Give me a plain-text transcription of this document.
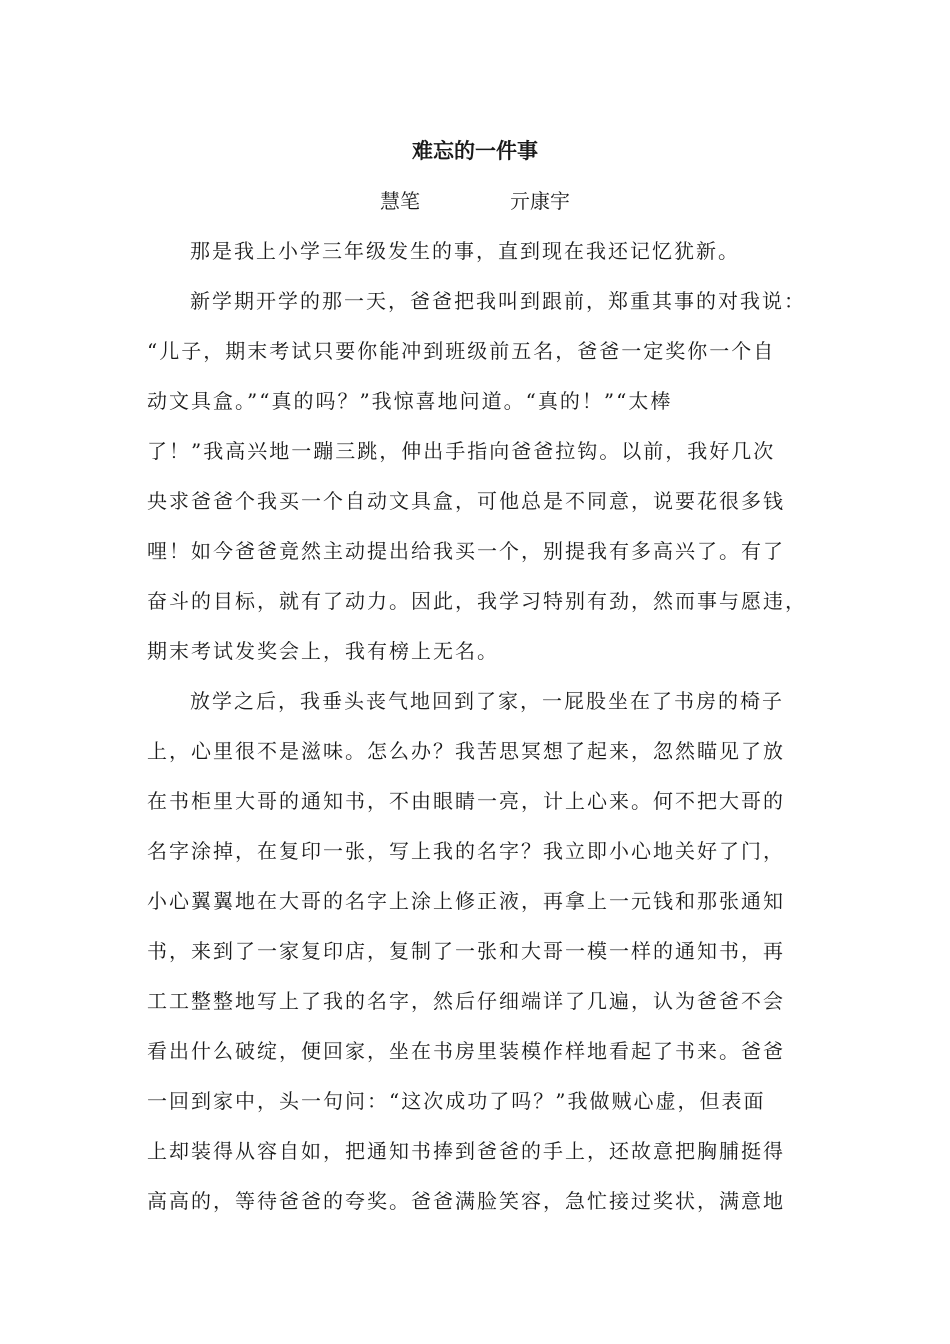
难忘的一件事
慧笔	亓康宇
那是我上小学三年级发生的事，直到现在我还记忆犹新。
新学期开学的那一天，爸爸把我叫到跟前，郑重其事的对我说：
“儿子，期末考试只要你能冲到班级前五名，爸爸一定奖你一个自
动文具盒。”“真的吗？”我惊喜地问道。“真的！”“太棒
了！”我高兴地一蹦三跳，伸出手指向爸爸拉钩。以前，我好几次
央求爸爸个我买一个自动文具盒，可他总是不同意，说要花很多钱
哩！如今爸爸竟然主动提出给我买一个，别提我有多高兴了。有了
奋斗的目标，就有了动力。因此，我学习特别有劲，然而事与愿违，
期末考试发奖会上，我有榜上无名。
放学之后，我垂头丧气地回到了家，一屁股坐在了书房的椅子
上，心里很不是滋味。怎么办？我苦思冥想了起来，忽然瞄见了放
在书柜里大哥的通知书，不由眼睛一亮，计上心来。何不把大哥的
名字涂掉，在复印一张，写上我的名字？我立即小心地关好了门，
小心翼翼地在大哥的名字上涂上修正液，再拿上一元钱和那张通知
书，来到了一家复印店，复制了一张和大哥一模一样的通知书，再
工工整整地写上了我的名字，然后仔细端详了几遍，认为爸爸不会
看出什么破绽，便回家，坐在书房里装模作样地看起了书来。爸爸
一回到家中，头一句问：“这次成功了吗？”我做贼心虚，但表面
上却装得从容自如，把通知书捧到爸爸的手上，还故意把胸脯挺得
高高的，等待爸爸的夸奖。爸爸满脸笑容，急忙接过奖状，满意地
